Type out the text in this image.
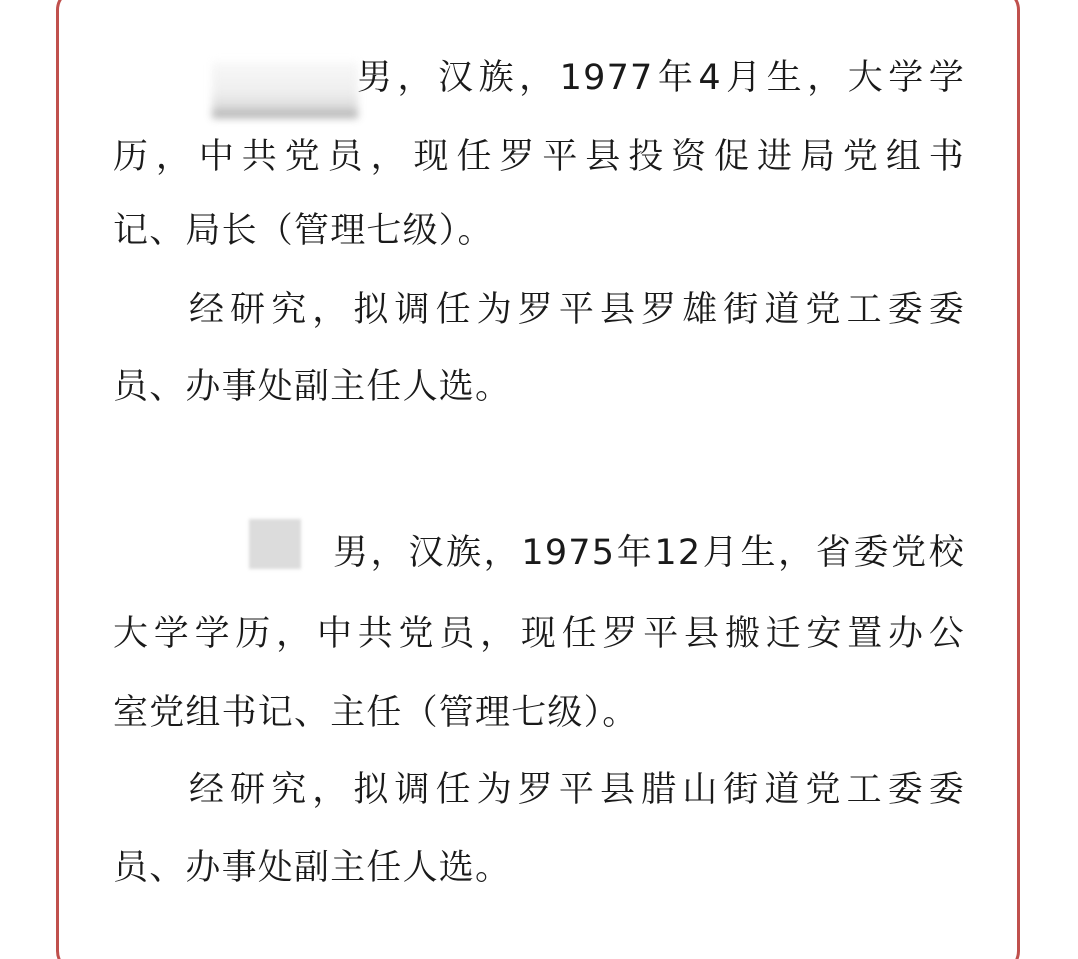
男，汉族，1977年4月生，大学学
历，中共党员，现任罗平县投资促进局党组书
记、局长（管理七级）。
经研究，拟调任为罗平县罗雄街道党工委委
员、办事处副主任人选。
男，汉族，1975年12月生，省委党校
大学学历，中共党员，现任罗平县搬迁安置办公
室党组书记、主任（管理七级）。
经研究，拟调任为罗平县腊山街道党工委委
员、办事处副主任人选。
